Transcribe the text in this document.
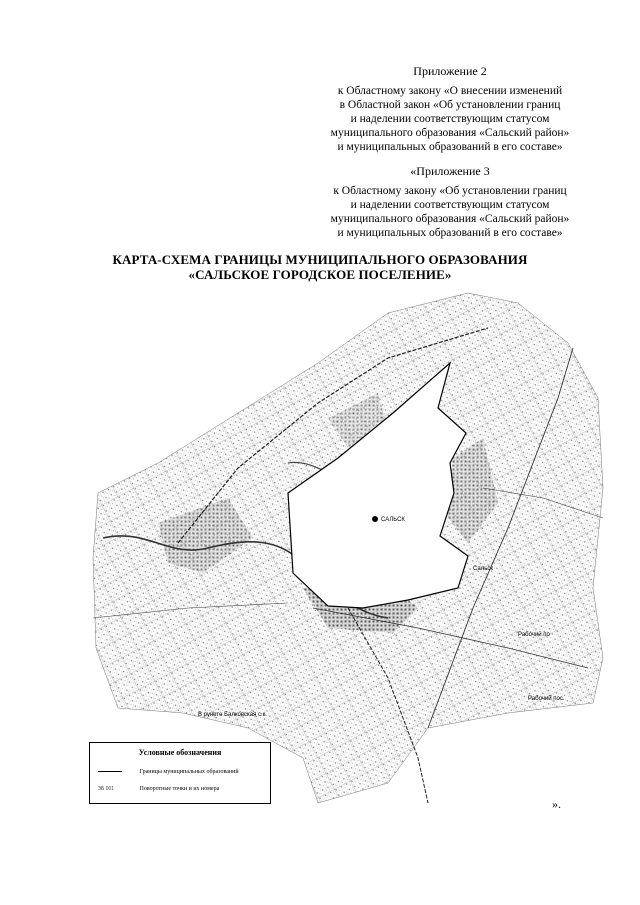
Приложение 2
к Областному закону «О внесении изменений
в Областной закон «Об установлении границ
и наделении соответствующим статусом
муниципального образования «Сальский район»
и муниципальных образований в его составе»
«Приложение 3
к Областному закону «Об установлении границ
и наделении соответствующим статусом
муниципального образования «Сальский район»
и муниципальных образований в его составе»
КАРТА-СХЕМА ГРАНИЦЫ МУНИЦИПАЛЬНОГО ОБРАЗОВАНИЯ
«САЛЬСКОЕ ГОРОДСКОЕ ПОСЕЛЕНИЕ»
САЛЬСК
Сальск
Рабочий по
Рабочий пос.
В рунете Балковская с.к.
Условные обозначения
Границы муниципальных образований
ЗБ 001	Поворотные точки и их номера
».
